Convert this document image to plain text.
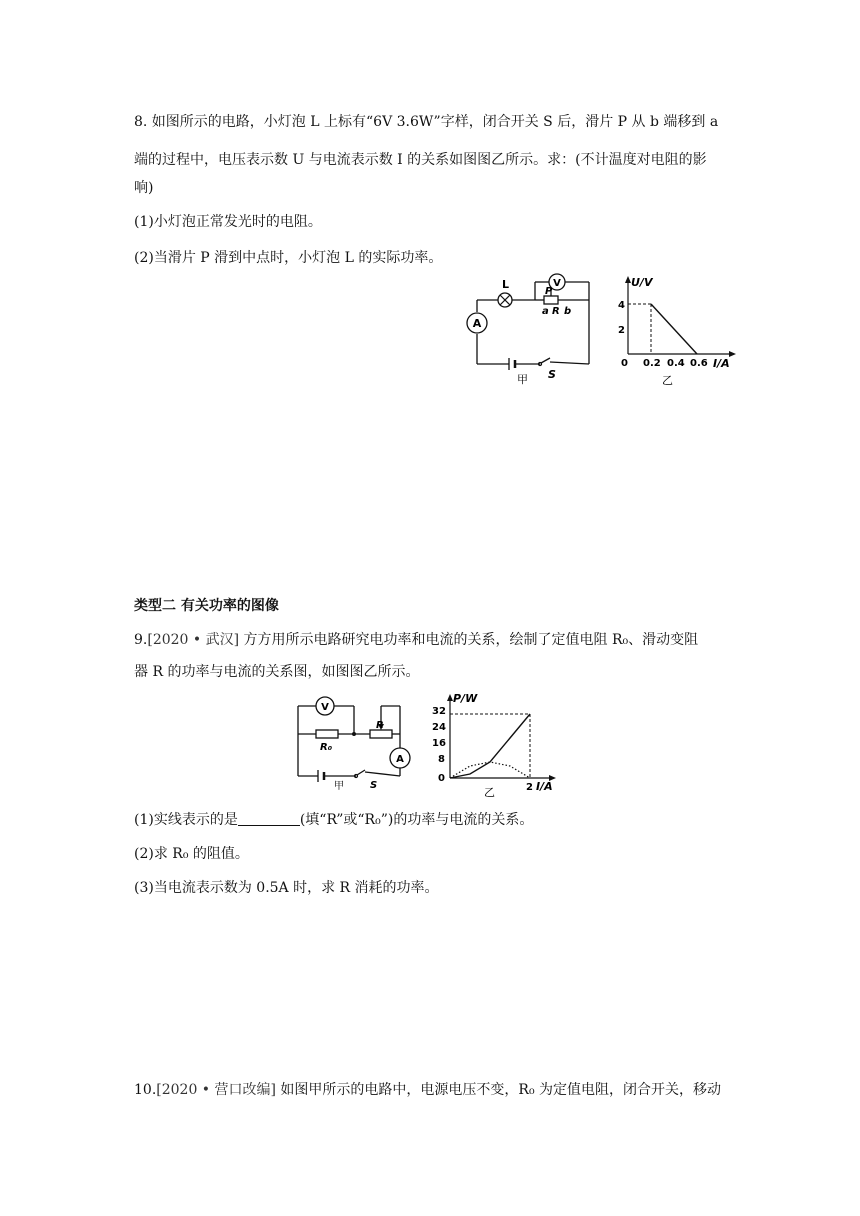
8. 如图所示的电路，小灯泡 L 上标有“6V 3.6W”字样，闭合开关 S 后，滑片 P 从 b 端移到 a
端的过程中，电压表示数 U 与电流表示数 I 的关系如图图乙所示。求：(不计温度对电阻的影
响)
(1)小灯泡正常发光时的电阻。
(2)当滑片 P 滑到中点时，小灯泡 L 的实际功率。
A
L	V
P
a R b
S
甲
U/V
I/A
4
2
0 0.2 0.4 0.6
乙
类型二 有关功率的图像
9.[2020 • 武汉] 方方用所示电路研究电功率和电流的关系，绘制了定值电阻 R₀、滑动变阻
器 R 的功率与电流的关系图，如图图乙所示。
V
A
R₀
R
S
甲
P/W
I/A
32
24
16
8
0
2
乙
(1)实线表示的是	(填“R”或“R₀”)的功率与电流的关系。
(2)求 R₀ 的阻值。
(3)当电流表示数为 0.5A 时，求 R 消耗的功率。
10.[2020 • 营口改编] 如图甲所示的电路中，电源电压不变，R₀ 为定值电阻，闭合开关，移动
